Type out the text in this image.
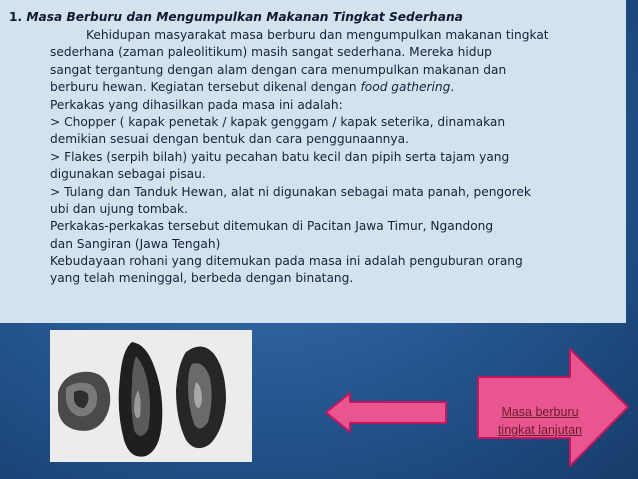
1. Masa Berburu dan Mengumpulkan Makanan Tingkat Sederhana
Kehidupan masyarakat masa berburu dan mengumpulkan makanan tingkat
sederhana (zaman paleolitikum) masih sangat sederhana. Mereka hidup
sangat tergantung dengan alam dengan cara menumpulkan makanan dan
berburu hewan. Kegiatan tersebut dikenal dengan food gathering.
Perkakas yang dihasilkan pada masa ini adalah:
> Chopper ( kapak penetak / kapak genggam / kapak seterika, dinamakan
demikian sesuai dengan bentuk dan cara penggunaannya.
> Flakes (serpih bilah) yaitu pecahan batu kecil dan pipih serta tajam yang
digunakan sebagai pisau.
> Tulang dan Tanduk Hewan, alat ni digunakan sebagai mata panah, pengorek
ubi dan ujung tombak.
Perkakas-perkakas tersebut ditemukan di Pacitan Jawa Timur, Ngandong
dan Sangiran (Jawa Tengah)
Kebudayaan rohani yang ditemukan pada masa ini adalah penguburan orang
yang telah meninggal, berbeda dengan binatang.
Masa berburu
tingkat lanjutan
